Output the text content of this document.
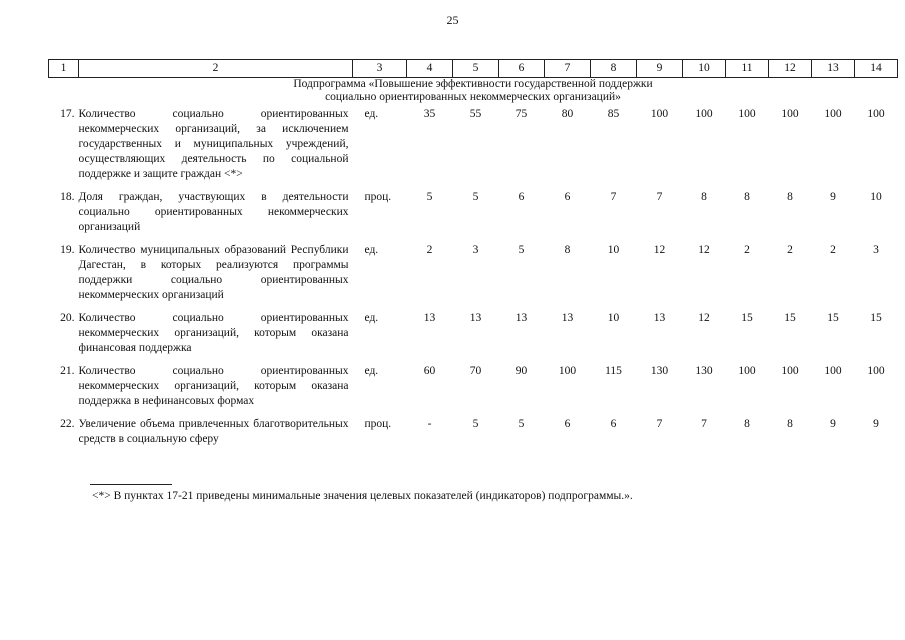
25
1	2	3	4	5	6	7	8	9	10	11	12	13	14

Подпрограмма «Повышение эффективности государственной поддержки
социально ориентированных некоммерческих организаций»													

17.	Количество социально ориентированных некоммерческих организаций, за исключением государственных и муниципальных учреждений, осуществляющих деятельность по социальной поддержке и защите граждан <*>	ед.	35	55	75	80	85	100	100	100	100	100	100
18.	Доля граждан, участвующих в деятельности социально ориентированных некоммерческих организаций	проц.	5	5	6	6	7	7	8	8	8	9	10
19.	Количество муниципальных образований Республики Дагестан, в которых реализуются программы поддержки социально ориентированных некоммерческих организаций	ед.	2	3	5	8	10	12	12	2	2	2	3
20.	Количество социально ориентированных некоммерческих организаций, которым оказана финансовая поддержка	ед.	13	13	13	13	10	13	12	15	15	15	15
21.	Количество социально ориентированных некоммерческих организаций, которым оказана поддержка в нефинансовых формах	ед.	60	70	90	100	115	130	130	100	100	100	100
22.	Увеличение объема привлеченных благотворительных средств в социальную сферу	проц.	-	5	5	6	6	7	7	8	8	9	9
<*> В пунктах 17-21 приведены минимальные значения целевых показателей (индикаторов) подпрограммы.».
